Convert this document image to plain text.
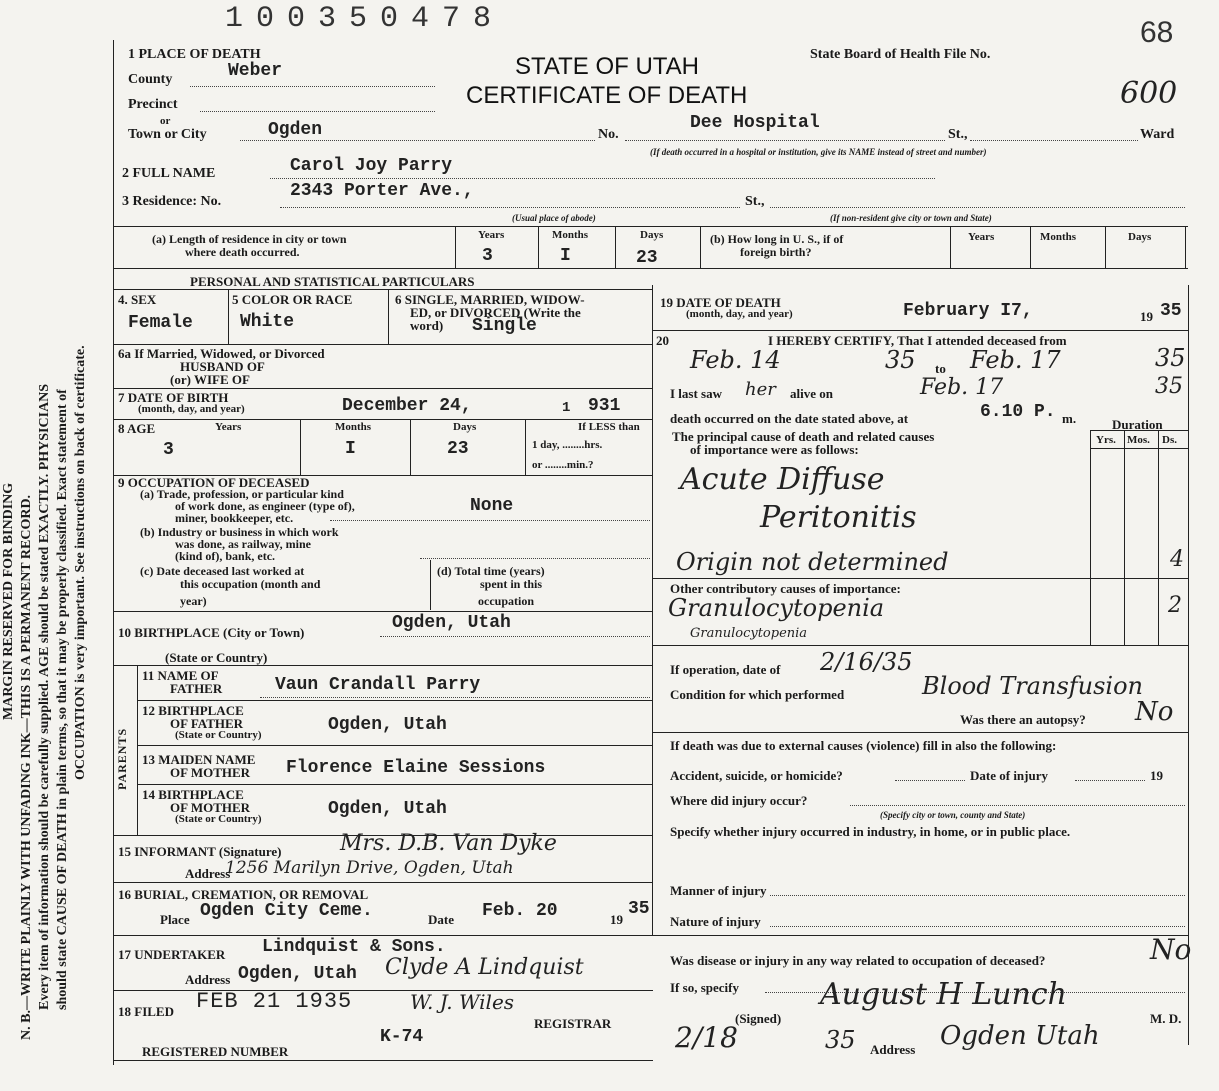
100350478	68
600
MARGIN RESERVED FOR BINDING N. B.—WRITE PLAINLY WITH UNFADING INK—THIS IS A PERMANENT RECORD. Every item of information should be carefully supplied. AGE should be stated EXACTLY. PHYSICIANS should state CAUSE OF DEATH in plain terms, so that it may be properly classified. Exact statement of OCCUPATION is very important. See instructions on back of certificate.
1 PLACE OF DEATH	STATE OF UTAH
CERTIFICATE OF DEATH
State Board of Health File No.
County	Weber
Precinct
or
Town or City	Ogden	No.
Dee Hospital
St.,	Ward
(If death occurred in a hospital or institution, give its NAME instead of street and number)
2 FULL NAME	Carol Joy Parry
3 Residence: No.
2343 Porter Ave.,
St.,
(Usual place of abode)	(If non-resident give city or town and State)
(a) Length of residence in city or town
where death occurred.
Years	Months	Days
3	I	23
(b) How long in U. S., if of
foreign birth?
Years	Months	Days
PERSONAL AND STATISTICAL PARTICULARS
4. SEX	5 COLOR OR RACE	6 SINGLE, MARRIED, WIDOW-
ED, or DIVORCED (Write the
word)
Female	White	Single
6a If Married, Widowed, or Divorced
HUSBAND OF
(or) WIFE OF
7 DATE OF BIRTH
(month, day, and year)	December 24,	1 931
8 AGE	Years	Months	Days
3	I	23
If LESS than
1 day, ........hrs.
or ........min.?
9 OCCUPATION OF DECEASED
(a) Trade, profession, or particular kind
of work done, as engineer (type of),
miner, bookkeeper, etc.
None
(b) Industry or business in which work
was done, as railway, mine
(kind of), bank, etc.
(c) Date deceased last worked at
this occupation (month and
year)
(d) Total time (years)
spent in this
occupation
10 BIRTHPLACE (City or Town)	Ogden, Utah
(State or Country)
PARENTS
11 NAME OF
FATHER	Vaun Crandall Parry
12 BIRTHPLACE
OF FATHER
(State or Country)	Ogden, Utah
13 MAIDEN NAME
OF MOTHER Florence Elaine Sessions
14 BIRTHPLACE
OF MOTHER
(State or Country)	Ogden, Utah
15 INFORMANT (Signature)	Mrs. D.B. Van Dyke
Address
1256 Marilyn Drive, Ogden, Utah
16 BURIAL, CREMATION, OR REMOVAL
Place Ogden City Ceme.	Date Feb. 20	19
35
17 UNDERTAKER Lindquist & Sons.
Address Ogden, Utah Clyde A Lindquist
18 FILED FEB 21 1935	W. J. Wiles
REGISTRAR
K-74
REGISTERED NUMBER
19 DATE OF DEATH
(month, day, and year)	February I7,	19 35
20	I HEREBY CERTIFY, That I attended deceased from
Feb. 14	35 to Feb. 17	35
I last saw her alive on	Feb. 17	35
death occurred on the date stated above, at	6.10 P. m.	Duration
The principal cause of death and related causes
of importance were as follows:
Yrs. Mos. Ds.
Acute Diffuse
Peritonitis
Origin not determined	4
Other contributory causes of importance:
Granulocytopenia
Granulocytopenia
2
If operation, date of 2/16/35
Condition for which performed	Blood Transfusion
Was there an autopsy? No
If death was due to external causes (violence) fill in also the following:
Accident, suicide, or homicide?	Date of injury	19
Where did injury occur?
(Specify city or town, county and State)
Specify whether injury occurred in industry, in home, or in public place.
Manner of injury
Nature of injury
Was disease or injury in any way related to occupation of deceased?	No
If so, specify	August H Lunch
(Signed)	M. D.
2/18	35 Address Ogden Utah
